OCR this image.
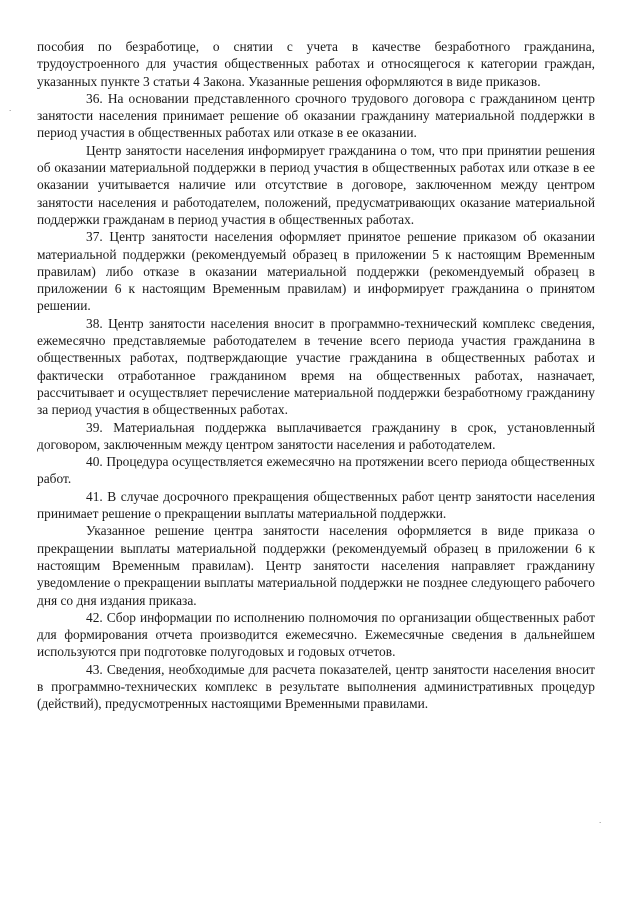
пособия по безработице, о снятии с учета в качестве безработного гражданина, трудоустроенного для участия общественных работах и относящегося к категории граждан, указанных пункте 3 статьи 4 Закона. Указанные решения оформляются в виде приказов.

36. На основании представленного срочного трудового договора с гражданином центр занятости населения принимает решение об оказании гражданину материальной поддержки в период участия в общественных работах или отказе в ее оказании.

Центр занятости населения информирует гражданина о том, что при принятии решения об оказании материальной поддержки в период участия в общественных работах или отказе в ее оказании учитывается наличие или отсутствие в договоре, заключенном между центром занятости населения и работодателем, положений, предусматривающих оказание материальной поддержки гражданам в период участия в общественных работах.

37. Центр занятости населения оформляет принятое решение приказом об оказании материальной поддержки (рекомендуемый образец в приложении 5 к настоящим Временным правилам) либо отказе в оказании материальной поддержки (рекомендуемый образец в приложении 6 к настоящим Временным правилам) и информирует гражданина о принятом решении.

38. Центр занятости населения вносит в программно-технический комплекс сведения, ежемесячно представляемые работодателем в течение всего периода участия гражданина в общественных работах, подтверждающие участие гражданина в общественных работах и фактически отработанное гражданином время на общественных работах, назначает, рассчитывает и осуществляет перечисление материальной поддержки безработному гражданину за период участия в общественных работах.

39. Материальная поддержка выплачивается гражданину в срок, установленный договором, заключенным между центром занятости населения и работодателем.

40. Процедура осуществляется ежемесячно на протяжении всего периода общественных работ.

41. В случае досрочного прекращения общественных работ центр занятости населения принимает решение о прекращении выплаты материальной поддержки.

Указанное решение центра занятости населения оформляется в виде приказа о прекращении выплаты материальной поддержки (рекомендуемый образец в приложении 6 к настоящим Временным правилам). Центр занятости населения направляет гражданину уведомление о прекращении выплаты материальной поддержки не позднее следующего рабочего дня со дня издания приказа.

42. Сбор информации по исполнению полномочия по организации общественных работ для формирования отчета производится ежемесячно. Ежемесячные сведения в дальнейшем используются при подготовке полугодовых и годовых отчетов.

43. Сведения, необходимые для расчета показателей, центр занятости населения вносит в программно-технических комплекс в результате выполнения административных процедур (действий), предусмотренных настоящими Временными правилами.

·
·
